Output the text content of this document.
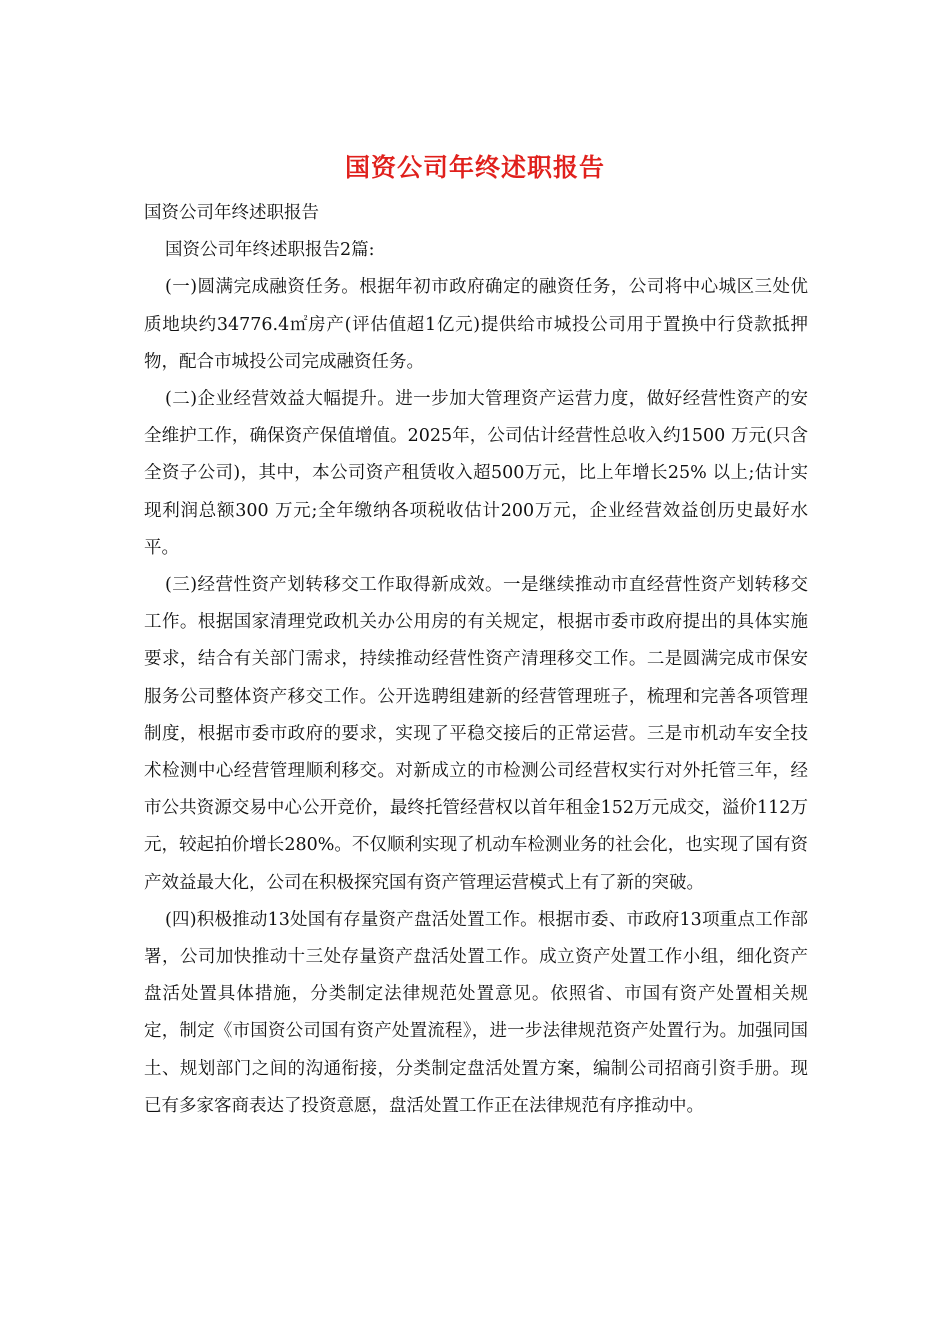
国资公司年终述职报告

国资公司年终述职报告

国资公司年终述职报告2篇:

(一)圆满完成融资任务。根据年初市政府确定的融资任务，公司将中心城区三处优质地块约34776.4㎡房产(评估值超1亿元)提供给市城投公司用于置换中行贷款抵押物，配合市城投公司完成融资任务。

(二)企业经营效益大幅提升。进一步加大管理资产运营力度，做好经营性资产的安全维护工作，确保资产保值增值。2025年，公司估计经营性总收入约1500 万元(只含全资子公司)，其中，本公司资产租赁收入超500万元，比上年增长25% 以上;估计实现利润总额300 万元;全年缴纳各项税收估计200万元，企业经营效益创历史最好水平。

(三)经营性资产划转移交工作取得新成效。一是继续推动市直经营性资产划转移交工作。根据国家清理党政机关办公用房的有关规定，根据市委市政府提出的具体实施要求，结合有关部门需求，持续推动经营性资产清理移交工作。二是圆满完成市保安服务公司整体资产移交工作。公开选聘组建新的经营管理班子，梳理和完善各项管理制度，根据市委市政府的要求，实现了平稳交接后的正常运营。三是市机动车安全技术检测中心经营管理顺利移交。对新成立的市检测公司经营权实行对外托管三年，经市公共资源交易中心公开竞价，最终托管经营权以首年租金152万元成交，溢价112万元，较起拍价增长280%。不仅顺利实现了机动车检测业务的社会化，也实现了国有资产效益最大化，公司在积极探究国有资产管理运营模式上有了新的突破。

(四)积极推动13处国有存量资产盘活处置工作。根据市委、市政府13项重点工作部署，公司加快推动十三处存量资产盘活处置工作。成立资产处置工作小组，细化资产盘活处置具体措施，分类制定法律规范处置意见。依照省、市国有资产处置相关规定，制定《市国资公司国有资产处置流程》，进一步法律规范资产处置行为。加强同国土、规划部门之间的沟通衔接，分类制定盘活处置方案，编制公司招商引资手册。现已有多家客商表达了投资意愿，盘活处置工作正在法律规范有序推动中。
